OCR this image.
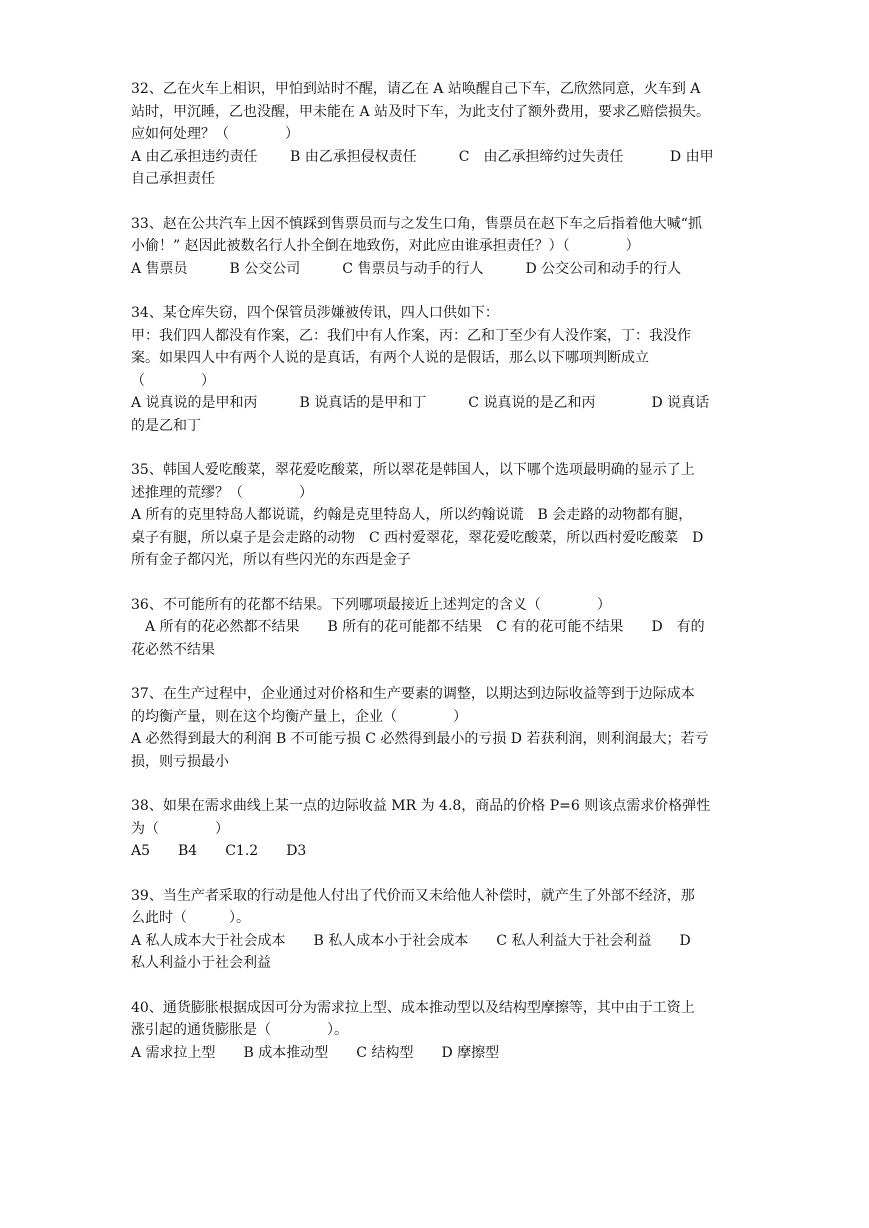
32、乙在火车上相识，甲怕到站时不醒，请乙在 A 站唤醒自己下车，乙欣然同意，火车到 A
站时，甲沉睡，乙也没醒，甲未能在 A 站及时下车，为此支付了额外费用，要求乙赔偿损失。
应如何处理？（　　　　）
A 由乙承担违约责任　　 B 由乙承担侵权责任　　　C　由乙承担缔约过失责任　　　 D 由甲
自己承担责任
33、赵在公共汽车上因不慎踩到售票员而与之发生口角，售票员在赵下车之后指着他大喊“抓
小偷！” 赵因此被数名行人扑全倒在地致伤，对此应由谁承担责任？）（　　　　）
A 售票员　　　B 公交公司　　　C 售票员与动手的行人　　　D 公交公司和动手的行人
34、某仓库失窃，四个保管员涉嫌被传讯，四人口供如下：
甲：我们四人都没有作案，乙：我们中有人作案，丙：乙和丁至少有人没作案，丁：我没作
案。如果四人中有两个人说的是真话，有两个人说的是假话，那么以下哪项判断成立
（　　　　）
A 说真说的是甲和丙　　　B 说真话的是甲和丁　　　C 说真说的是乙和丙　　　　D 说真话
的是乙和丁
35、韩国人爱吃酸菜，翠花爱吃酸菜，所以翠花是韩国人，以下哪个选项最明确的显示了上
述推理的荒缪？（　　　　）
A 所有的克里特岛人都说谎，约翰是克里特岛人，所以约翰说谎　B 会走路的动物都有腿，
桌子有腿，所以桌子是会走路的动物　C 西村爱翠花，翠花爱吃酸菜，所以西村爱吃酸菜　D
所有金子都闪光，所以有些闪光的东西是金子
36、不可能所有的花都不结果。下列哪项最接近上述判定的含义（　　　　）
　A 所有的花必然都不结果　　B 所有的花可能都不结果　C 有的花可能不结果　　D　有的
花必然不结果
37、在生产过程中，企业通过对价格和生产要素的调整，以期达到边际收益等到于边际成本
的均衡产量，则在这个均衡产量上，企业（　　　　）
A 必然得到最大的利润 B 不可能亏损 C 必然得到最小的亏损 D 若获利润，则利润最大；若亏
损，则亏损最小
38、如果在需求曲线上某一点的边际收益 MR 为 4.8，商品的价格 P=6 则该点需求价格弹性
为（　　　　）
A5　　B4　　C1.2　　D3
39、当生产者采取的行动是他人付出了代价而又未给他人补偿时，就产生了外部不经济，那
么此时（　　　）。
A 私人成本大于社会成本　　B 私人成本小于社会成本　　C 私人利益大于社会利益　　D
私人利益小于社会利益
40、通货膨胀根据成因可分为需求拉上型、成本推动型以及结构型摩擦等，其中由于工资上
涨引起的通货膨胀是（　　　　）。
A 需求拉上型　　B 成本推动型　　C 结构型　　D 摩擦型
